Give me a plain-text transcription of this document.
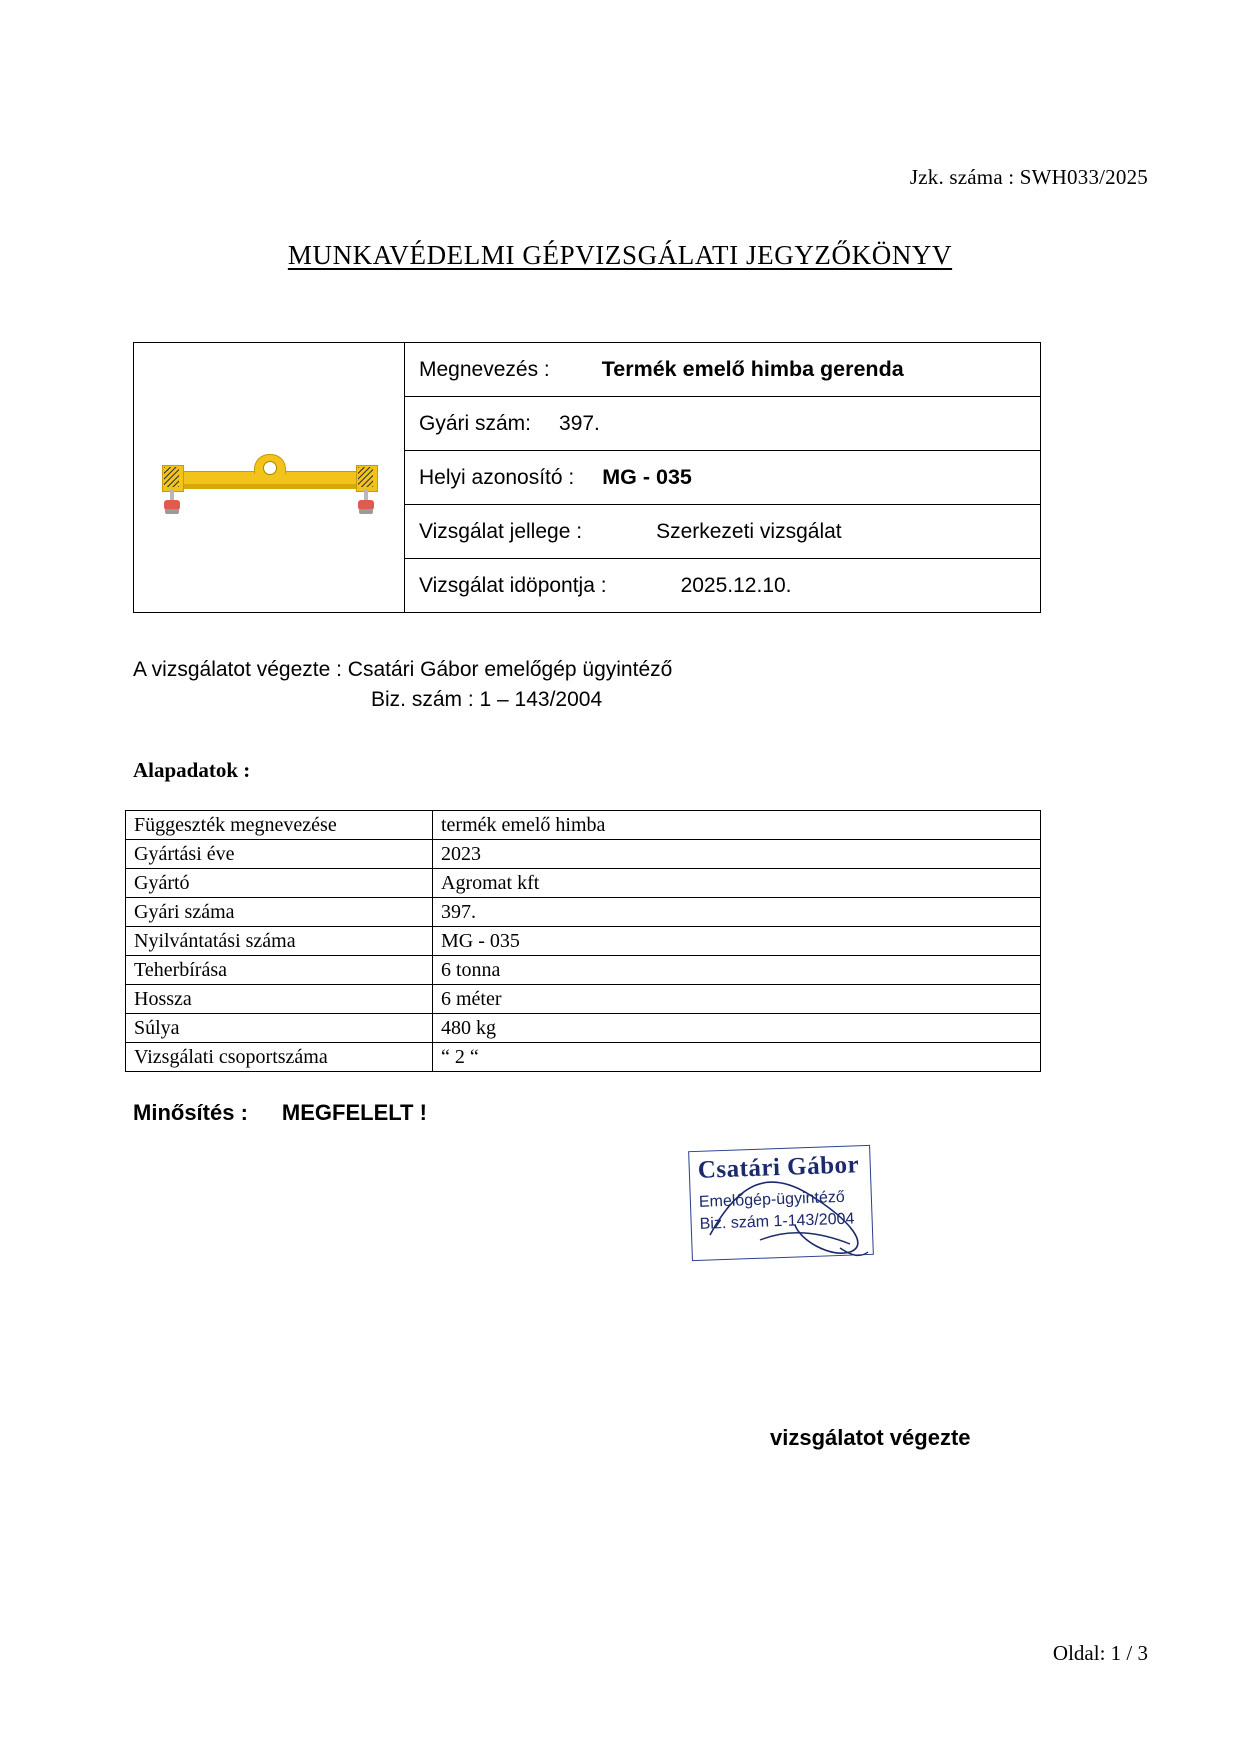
Jzk. száma : SWH033/2025
MUNKAVÉDELMI GÉPVIZSGÁLATI JEGYZŐKÖNYV
	Megnevezés : Termék emelő himba gerenda
Gyári szám: 397.
Helyi azonosító : MG - 035
Vizsgálat jellege :	Szerkezeti vizsgálat
Vizsgálat idöpontja :	2025.12.10.
A vizsgálatot végezte : Csatári Gábor emelőgép ügyintéző
Biz. szám : 1 – 143/2004
Alapadatok :
Függeszték megnevezése	termék emelő himba
Gyártási éve	2023
Gyártó	Agromat kft
Gyári száma	397.
Nyilvántatási száma	MG - 035
Teherbírása	6 tonna
Hossza	6 méter
Súlya	480 kg
Vizsgálati csoportszáma	“ 2 “
Minősítés : MEGFELELT !
Csatári Gábor
Emelőgép-ügyintéző
Biz. szám 1-143/2004
vizsgálatot végezte
Oldal: 1 / 3
